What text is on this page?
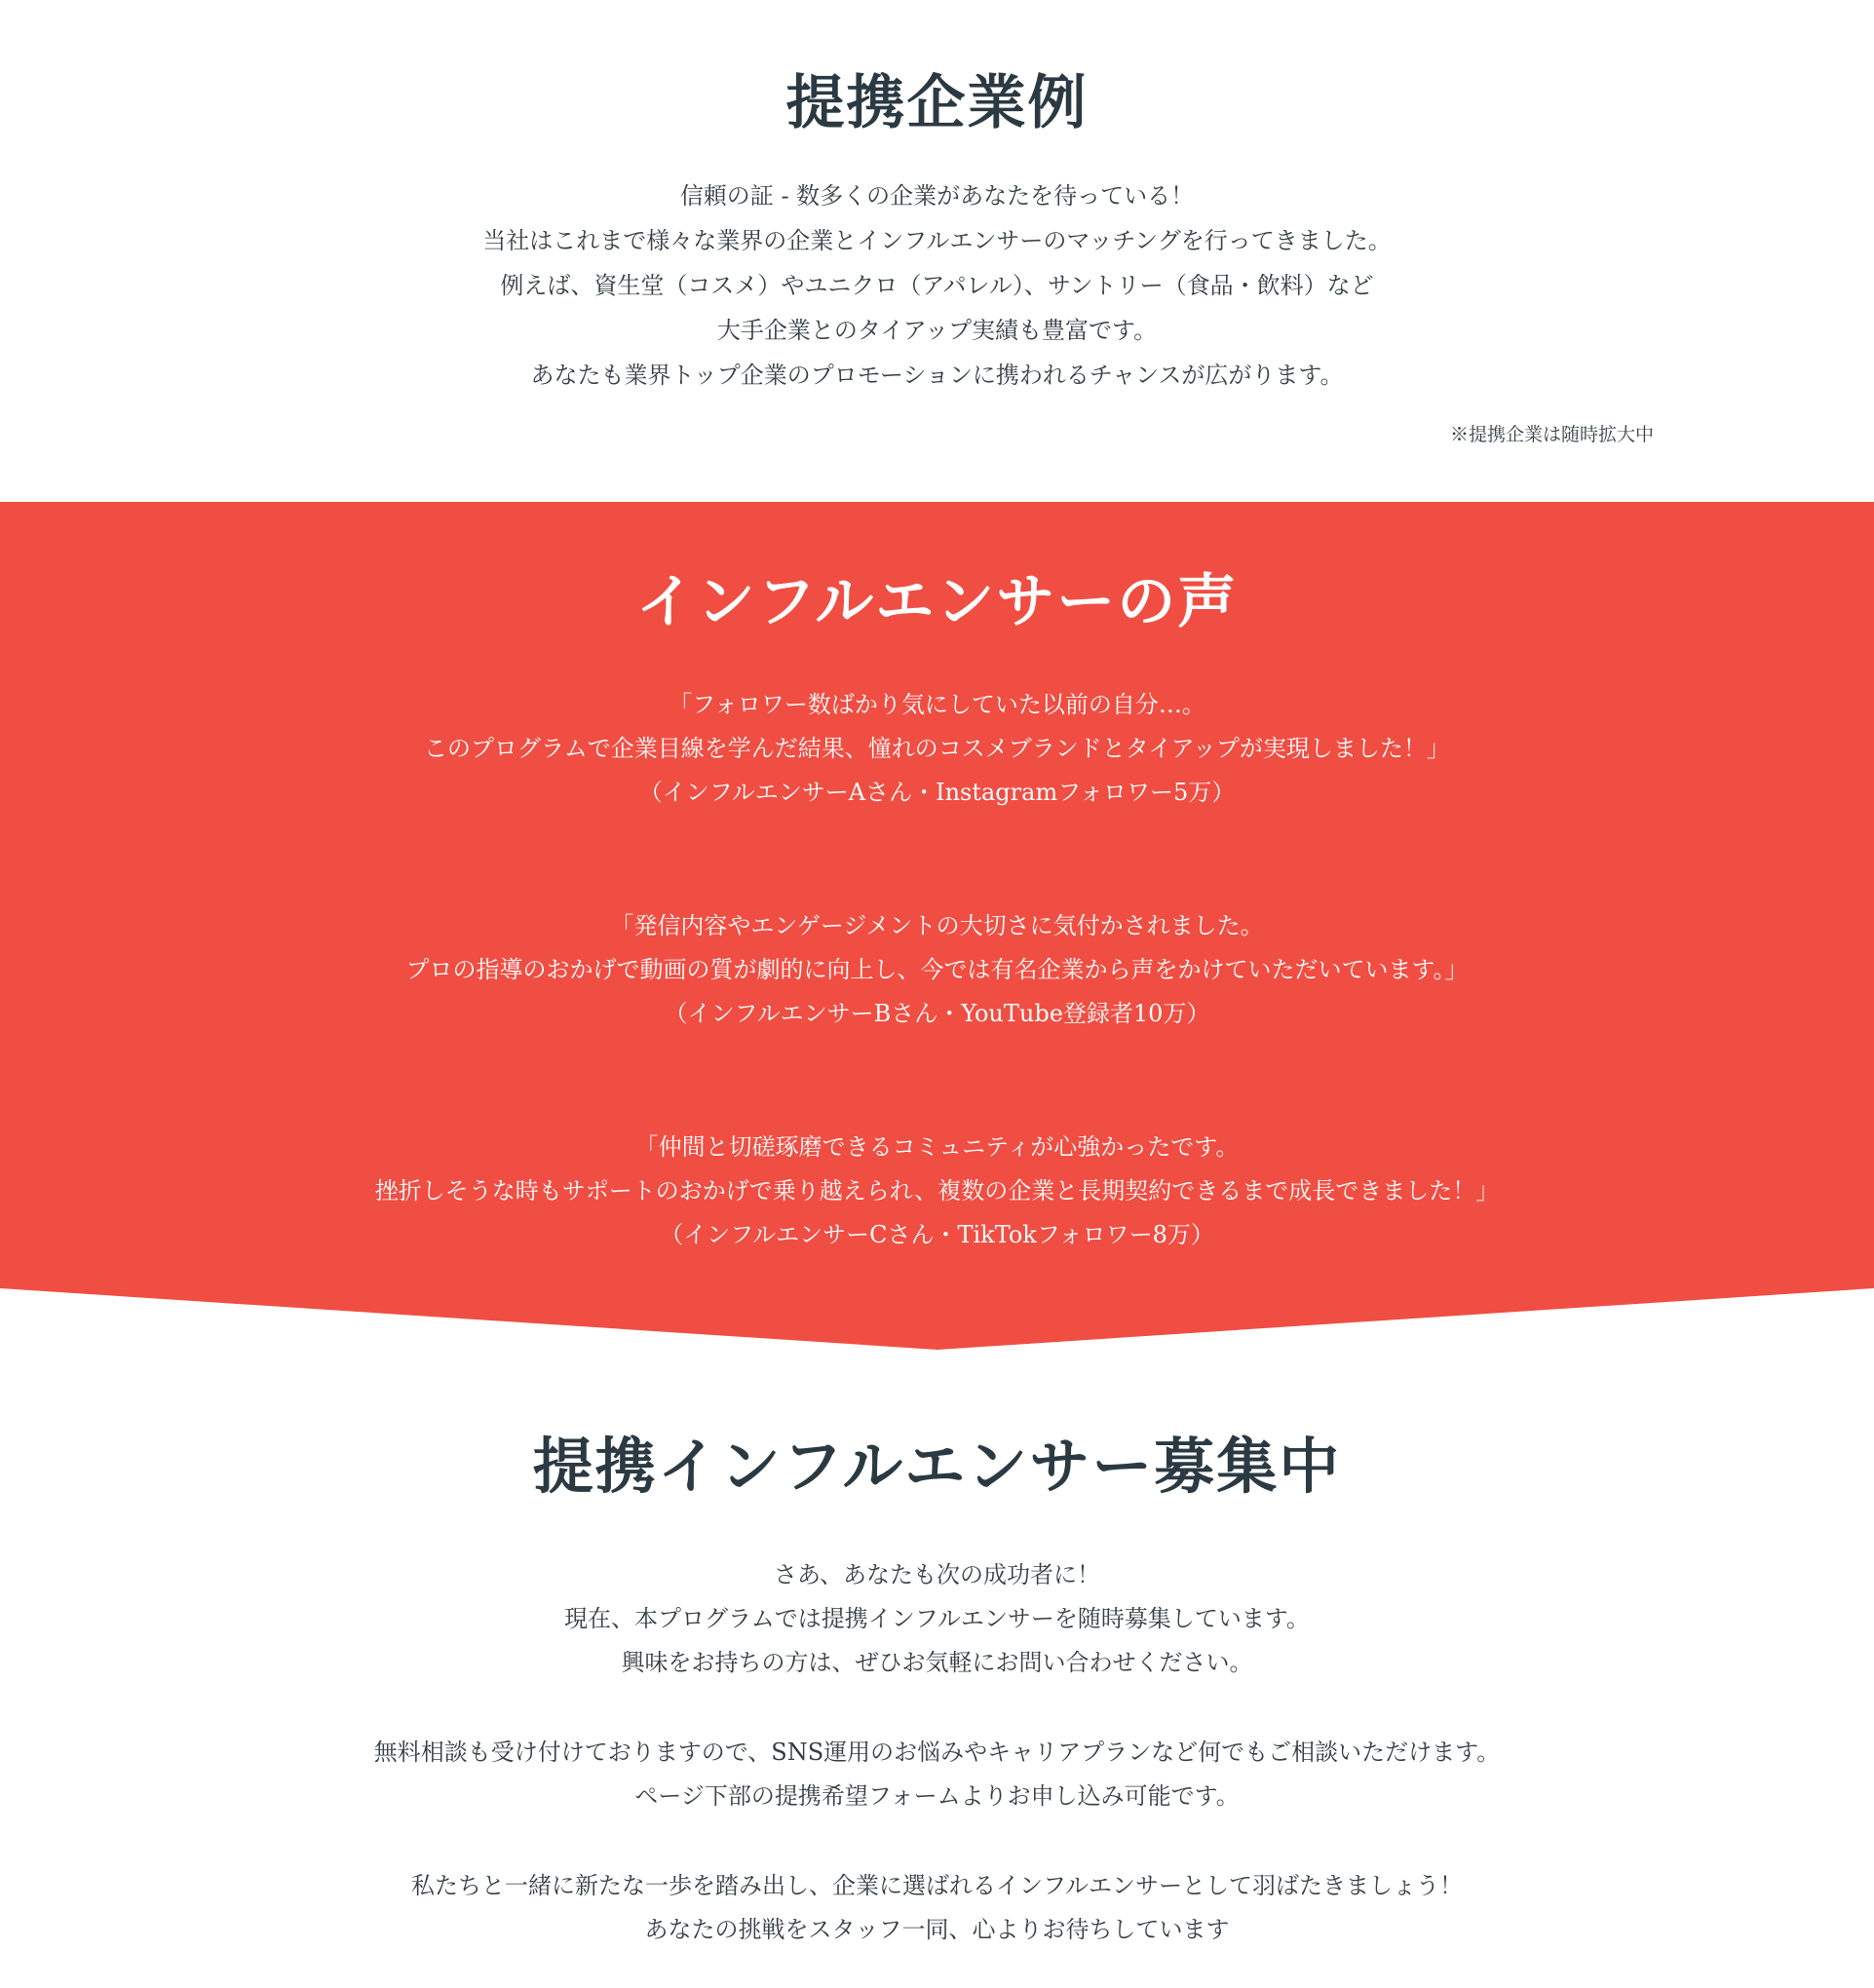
提携企業例
信頼の証 - 数多くの企業があなたを待っている！
当社はこれまで様々な業界の企業とインフルエンサーのマッチングを行ってきました。
例えば、資生堂（コスメ）やユニクロ（アパレル）、サントリー（食品・飲料）など
大手企業とのタイアップ実績も豊富です。
あなたも業界トップ企業のプロモーションに携われるチャンスが広がります。
※提携企業は随時拡大中
インフルエンサーの声
「フォロワー数ばかり気にしていた以前の自分…。
このプログラムで企業目線を学んだ結果、憧れのコスメブランドとタイアップが実現しました！」
（インフルエンサーAさん・Instagramフォロワー5万）
「発信内容やエンゲージメントの大切さに気付かされました。
プロの指導のおかげで動画の質が劇的に向上し、今では有名企業から声をかけていただいています。」
（インフルエンサーBさん・YouTube登録者10万）
「仲間と切磋琢磨できるコミュニティが心強かったです。
挫折しそうな時もサポートのおかげで乗り越えられ、複数の企業と長期契約できるまで成長できました！」
（インフルエンサーCさん・TikTokフォロワー8万）
提携インフルエンサー募集中
さあ、あなたも次の成功者に！
現在、本プログラムでは提携インフルエンサーを随時募集しています。
興味をお持ちの方は、ぜひお気軽にお問い合わせください。
無料相談も受け付けておりますので、SNS運用のお悩みやキャリアプランなど何でもご相談いただけます。
ページ下部の提携希望フォームよりお申し込み可能です。
私たちと一緒に新たな一歩を踏み出し、企業に選ばれるインフルエンサーとして羽ばたきましょう！
あなたの挑戦をスタッフ一同、心よりお待ちしています
